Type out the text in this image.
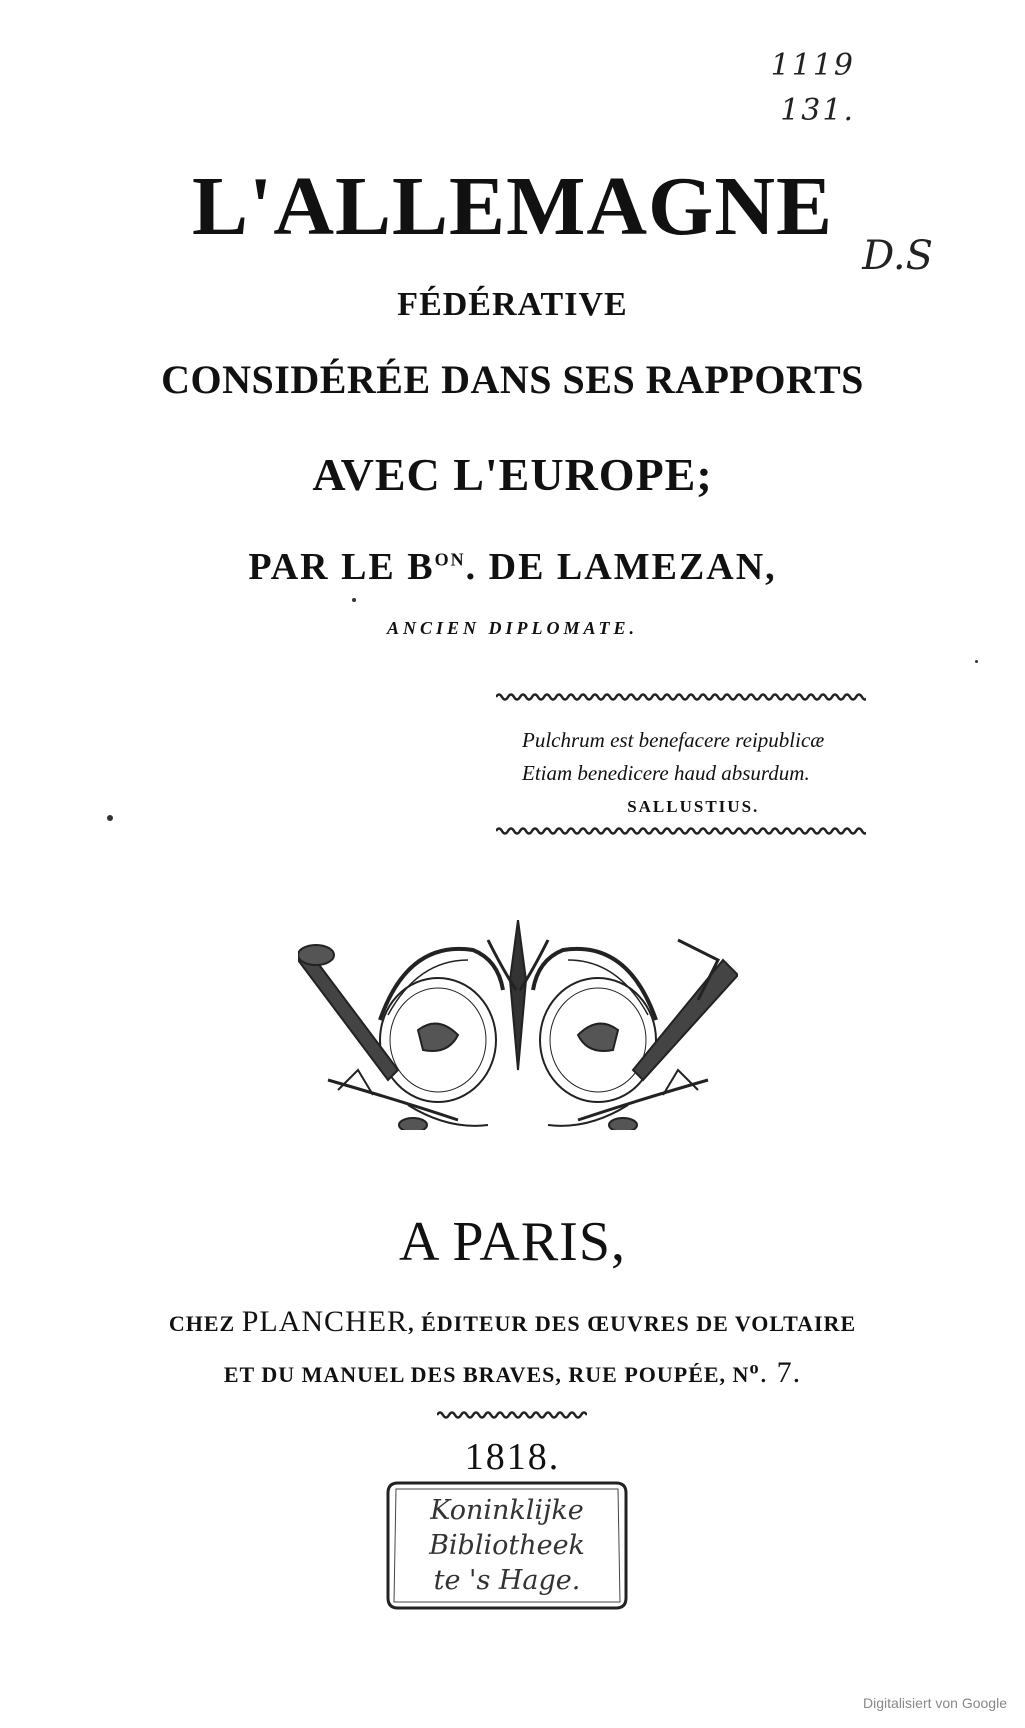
1119
131.
D.S
L'ALLEMAGNE
FÉDÉRATIVE
CONSIDÉRÉE DANS SES RAPPORTS
AVEC L'EUROPE;
PAR LE $B^{ON}$. DE LAMEZAN,
ANCIEN DIPLOMATE.
Pulchrum est benefacere reipublicæ
Etiam benedicere haud absurdum.
SALLUSTIUS.
A PARIS,
CHEZ PLANCHER, ÉDITEUR DES ŒUVRES DE VOLTAIRE
ET DU MANUEL DES BRAVES, RUE POUPÉE, $N^o$. 7.
1818.
Koninklijke
Bibliotheek
te 's Hage.
Digitalisiert von Google
